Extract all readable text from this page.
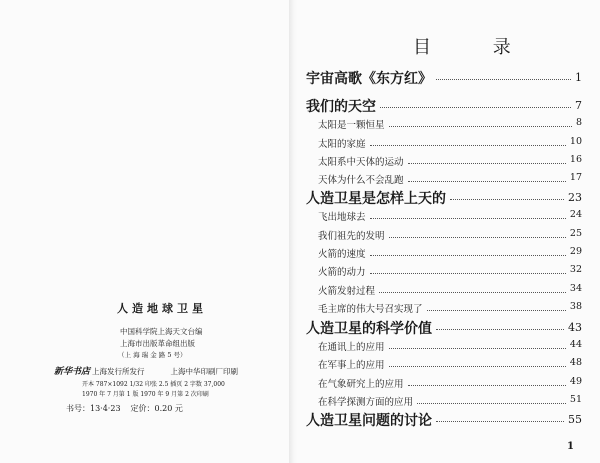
人造地球卫星
中国科学院上海天文台编
上海市出版革命组出版
（上 海 瑞 金 路 5 号）
新华书店 上海发行所发行	上海中华印刷厂印刷
开本 787×1092 1/32 印张 2.5 插页 2 字数 37,000
1970 年 7 月第 1 版 1970 年 9 月第 2 次印刷
书号：13·4·23 定价：0.20 元
目 录
宇宙高歌《东方红》	1
我们的天空	7
太阳是一颗恒星	8
太阳的家庭	10
太阳系中天体的运动	16
天体为什么不会乱跑	17
人造卫星是怎样上天的	23
飞出地球去	24
我们祖先的发明	25
火箭的速度	29
火箭的动力	32
火箭发射过程	34
毛主席的伟大号召实现了	38
人造卫星的科学价值	43
在通讯上的应用	44
在军事上的应用	48
在气象研究上的应用	49
在科学探测方面的应用	51
人造卫星问题的讨论	55
1
